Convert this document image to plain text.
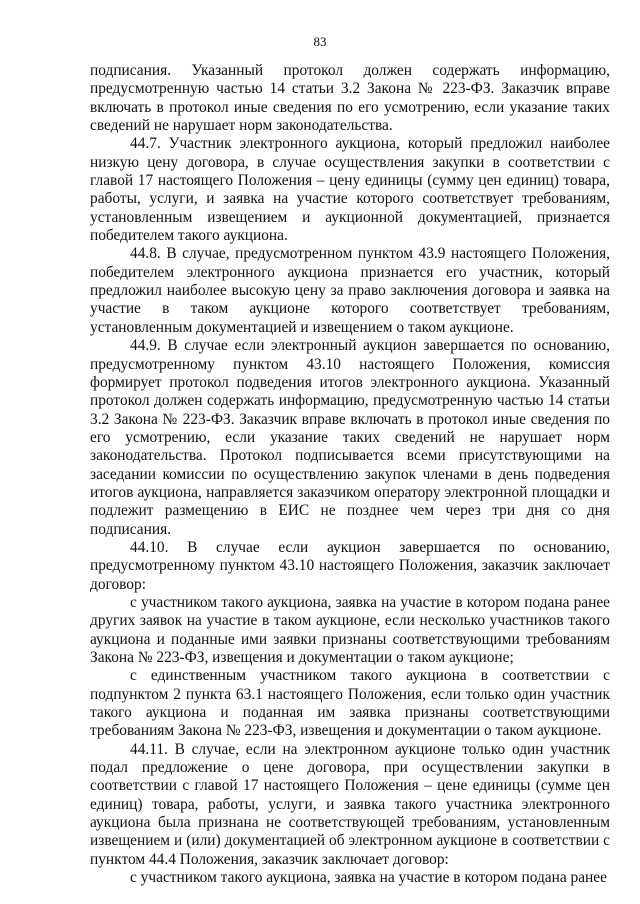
83

подписания. Указанный протокол должен содержать информацию, предусмотренную частью 14 статьи 3.2 Закона № 223-ФЗ. Заказчик вправе включать в протокол иные сведения по его усмотрению, если указание таких сведений не нарушает норм законодательства.

44.7. Участник электронного аукциона, который предложил наиболее низкую цену договора, в случае осуществления закупки в соответствии с главой 17 настоящего Положения – цену единицы (сумму цен единиц) товара, работы, услуги, и заявка на участие которого соответствует требованиям, установленным извещением и аукционной документацией, признается победителем такого аукциона.

44.8. В случае, предусмотренном пунктом 43.9 настоящего Положения, победителем электронного аукциона признается его участник, который предложил наиболее высокую цену за право заключения договора и заявка на участие в таком аукционе которого соответствует требованиям, установленным документацией и извещением о таком аукционе.

44.9. В случае если электронный аукцион завершается по основанию, предусмотренному пунктом 43.10 настоящего Положения, комиссия формирует протокол подведения итогов электронного аукциона. Указанный протокол должен содержать информацию, предусмотренную частью 14 статьи 3.2 Закона № 223-ФЗ. Заказчик вправе включать в протокол иные сведения по его усмотрению, если указание таких сведений не нарушает норм законодательства. Протокол подписывается всеми присутствующими на заседании комиссии по осуществлению закупок членами в день подведения итогов аукциона, направляется заказчиком оператору электронной площадки и подлежит размещению в ЕИС не позднее чем через три дня со дня подписания.

44.10. В случае если аукцион завершается по основанию, предусмотренному пунктом 43.10 настоящего Положения, заказчик заключает договор:

с участником такого аукциона, заявка на участие в котором подана ранее других заявок на участие в таком аукционе, если несколько участников такого аукциона и поданные ими заявки признаны соответствующими требованиям Закона № 223-ФЗ, извещения и документации о таком аукционе;

с единственным участником такого аукциона в соответствии с подпунктом 2 пункта 63.1 настоящего Положения, если только один участник такого аукциона и поданная им заявка признаны соответствующими требованиям Закона № 223-ФЗ, извещения и документации о таком аукционе.

44.11. В случае, если на электронном аукционе только один участник подал предложение о цене договора, при осуществлении закупки в соответствии с главой 17 настоящего Положения – цене единицы (сумме цен единиц) товара, работы, услуги, и заявка такого участника электронного аукциона была признана не соответствующей требованиям, установленным извещением и (или) документацией об электронном аукционе в соответствии с пунктом 44.4 Положения, заказчик заключает договор:

с участником такого аукциона, заявка на участие в котором подана ранее
